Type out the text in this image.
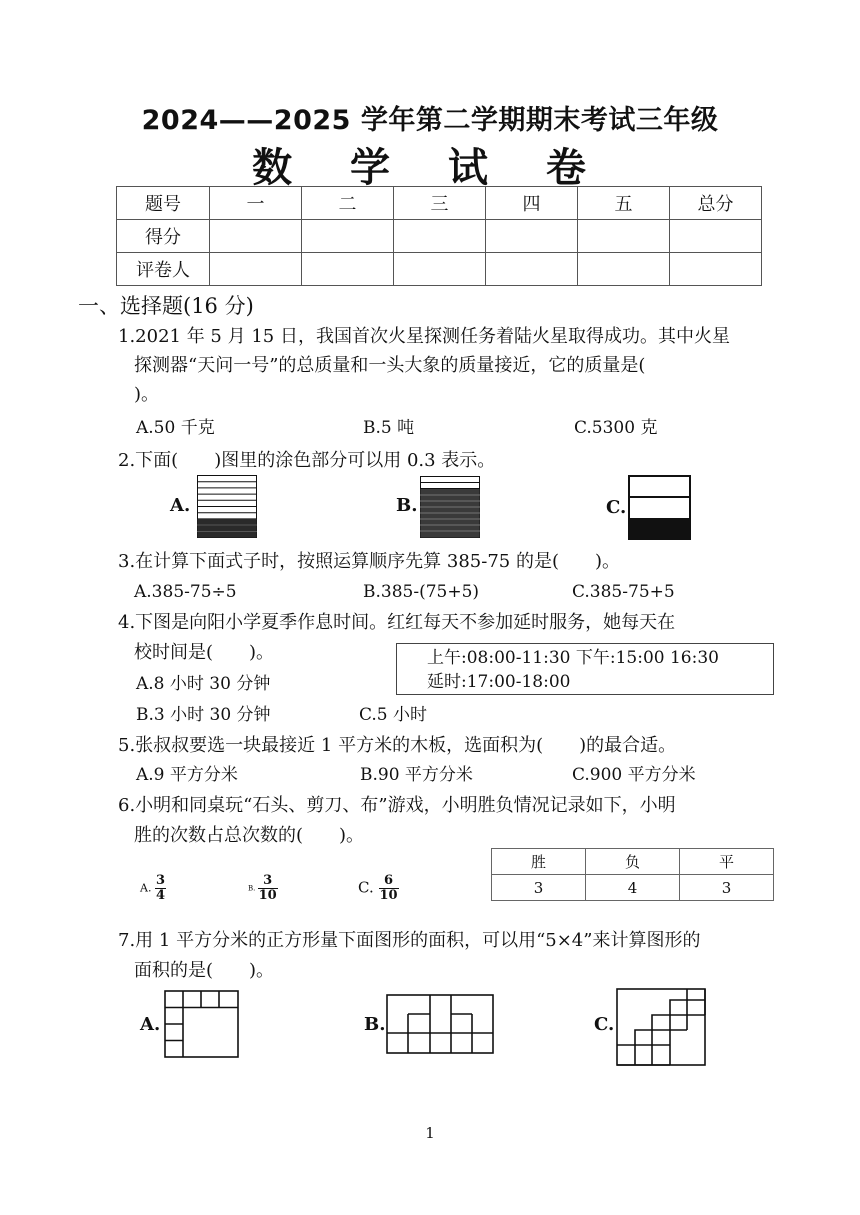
2024——2025 学年第二学期期末考试三年级
数 学 试 卷
题号	一	二	三	四	五	总分
得分						
评卷人						
一、选择题(16 分)
1.2021 年 5 月 15 日，我国首次火星探测任务着陆火星取得成功。其中火星
探测器“天问一号”的总质量和一头大象的质量接近，它的质量是(
)。
A.50 千克	B.5 吨	C.5300 克
2.下面(　　)图里的涂色部分可以用 0.3 表示。
A.	B.	C.
3.在计算下面式子时，按照运算顺序先算 385-75 的是(　　)。
A.385-75÷5	B.385-(75+5)	C.385-75+5
4.下图是向阳小学夏季作息时间。红红每天不参加延时服务，她每天在
校时间是(　　)。	上午:08:00-11:30 下午:15:00 16:30
延时:17:00-18:00
A.8 小时 30 分钟
B.3 小时 30 分钟	C.5 小时
5.张叔叔要选一块最接近 1 平方米的木板，选面积为(　　)的最合适。
A.9 平方分米	B.90 平方分米	C.900 平方分米
6.小明和同桌玩“石头、剪刀、布”游戏，小明胜负情况记录如下，小明
胜的次数占总次数的(　　)。
胜	负	平
3	4	3
A. $\frac{3}{4}$	B. $\frac{3}{10}$	C. $\frac{6}{10}$
7.用 1 平方分米的正方形量下面图形的面积，可以用“5×4”来计算图形的
面积的是(　　)。
A.	B.	C.
1
